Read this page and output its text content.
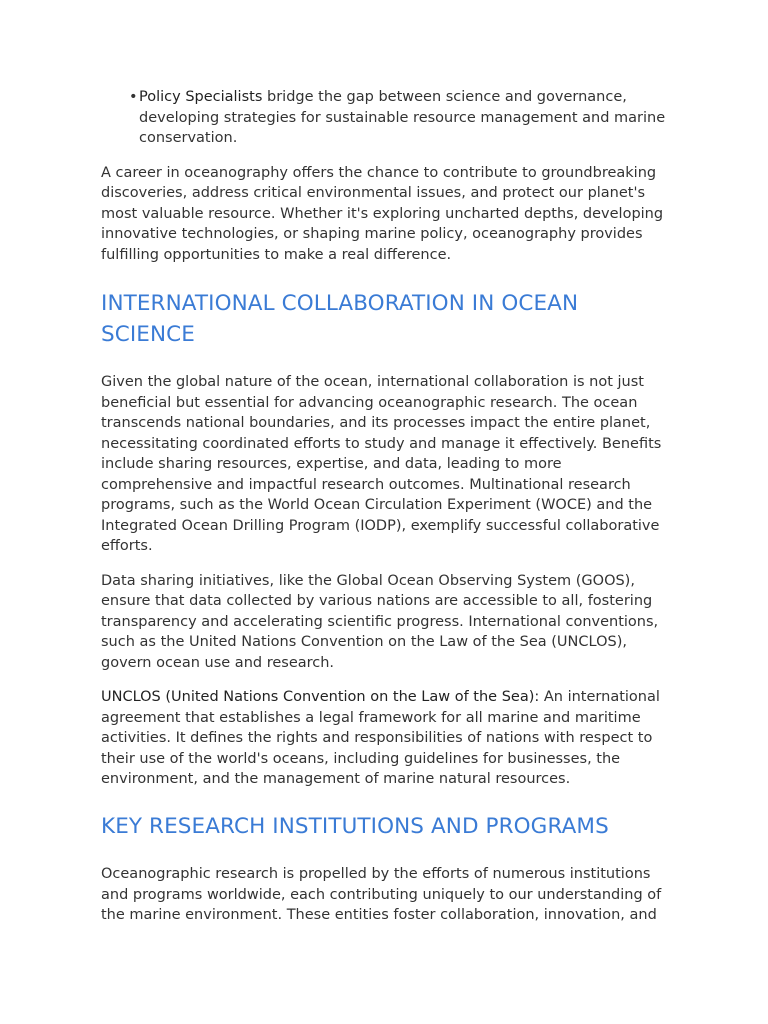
• Policy Specialists bridge the gap between science and governance, developing strategies for sustainable resource management and marine conservation.

A career in oceanography offers the chance to contribute to groundbreaking discoveries, address critical environmental issues, and protect our planet's most valuable resource. Whether it's exploring uncharted depths, developing innovative technologies, or shaping marine policy, oceanography provides fulfilling opportunities to make a real difference.

INTERNATIONAL COLLABORATION IN OCEAN SCIENCE

Given the global nature of the ocean, international collaboration is not just beneficial but essential for advancing oceanographic research. The ocean transcends national boundaries, and its processes impact the entire planet, necessitating coordinated efforts to study and manage it effectively. Benefits include sharing resources, expertise, and data, leading to more comprehensive and impactful research outcomes. Multinational research programs, such as the World Ocean Circulation Experiment (WOCE) and the Integrated Ocean Drilling Program (IODP), exemplify successful collaborative efforts.

Data sharing initiatives, like the Global Ocean Observing System (GOOS), ensure that data collected by various nations are accessible to all, fostering transparency and accelerating scientific progress. International conventions, such as the United Nations Convention on the Law of the Sea (UNCLOS), govern ocean use and research.

UNCLOS (United Nations Convention on the Law of the Sea): An international agreement that establishes a legal framework for all marine and maritime activities. It defines the rights and responsibilities of nations with respect to their use of the world's oceans, including guidelines for businesses, the environment, and the management of marine natural resources.

KEY RESEARCH INSTITUTIONS AND PROGRAMS

Oceanographic research is propelled by the efforts of numerous institutions and programs worldwide, each contributing uniquely to our understanding of the marine environment. These entities foster collaboration, innovation, and
